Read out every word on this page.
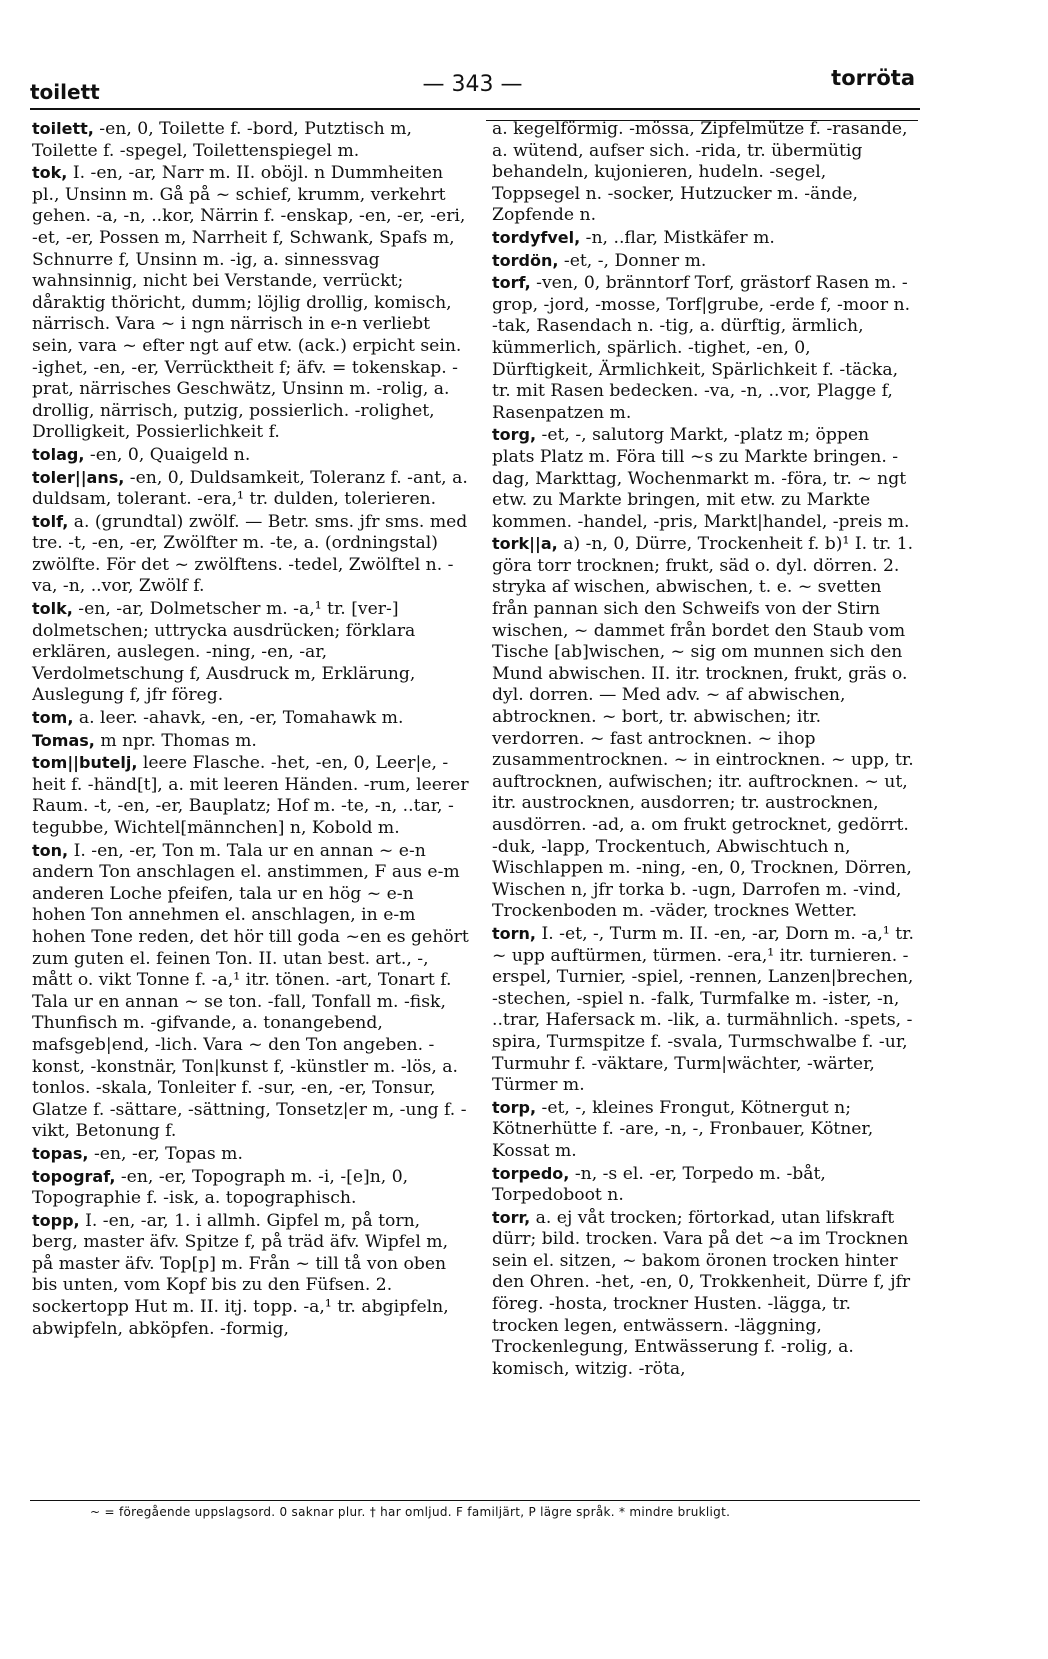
toilett	— 343 —	torröta

toilett, -en, 0, Toilette f. -bord, Putztisch m, Toilette f. -spegel, Toilettenspiegel m.

tok, I. -en, -ar, Narr m. II. oböjl. n Dummheiten pl., Unsinn m. Gå på ~ schief, krumm, verkehrt gehen. -a, -n, ..kor, Närrin f. -enskap, -en, -er, -eri, -et, -er, Possen m, Narrheit f, Schwank, Spafs m, Schnurre f, Unsinn m. -ig, a. sinnessvag wahnsinnig, nicht bei Verstande, verrückt; dåraktig thöricht, dumm; löjlig drollig, komisch, närrisch. Vara ~ i ngn närrisch in e-n verliebt sein, vara ~ efter ngt auf etw. (ack.) erpicht sein. -ighet, -en, -er, Verrücktheit f; äfv. = tokenskap. -prat, närrisches Geschwätz, Unsinn m. -rolig, a. drollig, närrisch, putzig, possierlich. -rolighet, Drolligkeit, Possierlichkeit f.

tolag, -en, 0, Quaigeld n.

toler||ans, -en, 0, Duldsamkeit, Toleranz f. -ant, a. duldsam, tolerant. -era,¹ tr. dulden, tolerieren.

tolf, a. (grundtal) zwölf. — Betr. sms. jfr sms. med tre. -t, -en, -er, Zwölfter m. -te, a. (ordningstal) zwölfte. För det ~ zwölftens. -tedel, Zwölftel n. -va, -n, ..vor, Zwölf f.

tolk, -en, -ar, Dolmetscher m. -a,¹ tr. [ver-] dolmetschen; uttrycka ausdrücken; förklara erklären, auslegen. -ning, -en, -ar, Verdolmetschung f, Ausdruck m, Erklärung, Auslegung f, jfr föreg.

tom, a. leer. -ahavk, -en, -er, Tomahawk m.

Tomas, m npr. Thomas m.

tom||butelj, leere Flasche. -het, -en, 0, Leer|e, -heit f. -händ[t], a. mit leeren Händen. -rum, leerer Raum. -t, -en, -er, Bauplatz; Hof m. -te, -n, ..tar, -tegubbe, Wichtel[männchen] n, Kobold m.

ton, I. -en, -er, Ton m. Tala ur en annan ~ e-n andern Ton anschlagen el. anstimmen, F aus e-m anderen Loche pfeifen, tala ur en hög ~ e-n hohen Ton annehmen el. anschlagen, in e-m hohen Tone reden, det hör till goda ~en es gehört zum guten el. feinen Ton. II. utan best. art., -, mått o. vikt Tonne f. -a,¹ itr. tönen. -art, Tonart f. Tala ur en annan ~ se ton. -fall, Tonfall m. -fisk, Thunfisch m. -gifvande, a. tonangebend, mafsgeb|end, -lich. Vara ~ den Ton angeben. -konst, -konstnär, Ton|kunst f, -künstler m. -lös, a. tonlos. -skala, Tonleiter f. -sur, -en, -er, Tonsur, Glatze f. -sättare, -sättning, Tonsetz|er m, -ung f. -vikt, Betonung f.

topas, -en, -er, Topas m.

topograf, -en, -er, Topograph m. -i, -[e]n, 0, Topographie f. -isk, a. topographisch.

topp, I. -en, -ar, 1. i allmh. Gipfel m, på torn, berg, master äfv. Spitze f, på träd äfv. Wipfel m, på master äfv. Top[p] m. Från ~ till tå von oben bis unten, vom Kopf bis zu den Füfsen. 2. sockertopp Hut m. II. itj. topp. -a,¹ tr. abgipfeln, abwipfeln, abköpfen. -formig,

a. kegelförmig. -mössa, Zipfelmütze f. -rasande, a. wütend, aufser sich. -rida, tr. übermütig behandeln, kujonieren, hudeln. -segel, Toppsegel n. -socker, Hutzucker m. -ände, Zopfende n.

tordyfvel, -n, ..flar, Mistkäfer m.

tordön, -et, -, Donner m.

torf, -ven, 0, bränntorf Torf, grästorf Rasen m. -grop, -jord, -mosse, Torf|grube, -erde f, -moor n. -tak, Rasendach n. -tig, a. dürftig, ärmlich, kümmerlich, spärlich. -tighet, -en, 0, Dürftigkeit, Ärmlichkeit, Spärlichkeit f. -täcka, tr. mit Rasen bedecken. -va, -n, ..vor, Plagge f, Rasenpatzen m.

torg, -et, -, salutorg Markt, -platz m; öppen plats Platz m. Föra till ~s zu Markte bringen. -dag, Markttag, Wochenmarkt m. -föra, tr. ~ ngt etw. zu Markte bringen, mit etw. zu Markte kommen. -handel, -pris, Markt|handel, -preis m.

tork||a, a) -n, 0, Dürre, Trockenheit f. b)¹ I. tr. 1. göra torr trocknen; frukt, säd o. dyl. dörren. 2. stryka af wischen, abwischen, t. e. ~ svetten från pannan sich den Schweifs von der Stirn wischen, ~ dammet från bordet den Staub vom Tische [ab]wischen, ~ sig om munnen sich den Mund abwischen. II. itr. trocknen, frukt, gräs o. dyl. dorren. — Med adv. ~ af abwischen, abtrocknen. ~ bort, tr. abwischen; itr. verdorren. ~ fast antrocknen. ~ ihop zusammentrocknen. ~ in eintrocknen. ~ upp, tr. auftrocknen, aufwischen; itr. auftrocknen. ~ ut, itr. austrocknen, ausdorren; tr. austrocknen, ausdörren. -ad, a. om frukt getrocknet, gedörrt. -duk, -lapp, Trockentuch, Abwischtuch n, Wischlappen m. -ning, -en, 0, Trocknen, Dörren, Wischen n, jfr torka b. -ugn, Darrofen m. -vind, Trockenboden m. -väder, trocknes Wetter.

torn, I. -et, -, Turm m. II. -en, -ar, Dorn m. -a,¹ tr. ~ upp auftürmen, türmen. -era,¹ itr. turnieren. -erspel, Turnier, -spiel, -rennen, Lanzen|brechen, -stechen, -spiel n. -falk, Turmfalke m. -ister, -n, ..trar, Hafersack m. -lik, a. turmähnlich. -spets, -spira, Turmspitze f. -svala, Turmschwalbe f. -ur, Turmuhr f. -väktare, Turm|wächter, -wärter, Türmer m.

torp, -et, -, kleines Frongut, Kötnergut n; Kötnerhütte f. -are, -n, -, Fronbauer, Kötner, Kossat m.

torpedo, -n, -s el. -er, Torpedo m. -båt, Torpedoboot n.

torr, a. ej våt trocken; förtorkad, utan lifskraft dürr; bild. trocken. Vara på det ~a im Trocknen sein el. sitzen, ~ bakom öronen trocken hinter den Ohren. -het, -en, 0, Trokkenheit, Dürre f, jfr föreg. -hosta, trockner Husten. -lägga, tr. trocken legen, entwässern. -läggning, Trockenlegung, Entwässerung f. -rolig, a. komisch, witzig. -röta,

~ = föregående uppslagsord. 0 saknar plur. † har omljud. F familjärt, P lägre språk. * mindre brukligt.
